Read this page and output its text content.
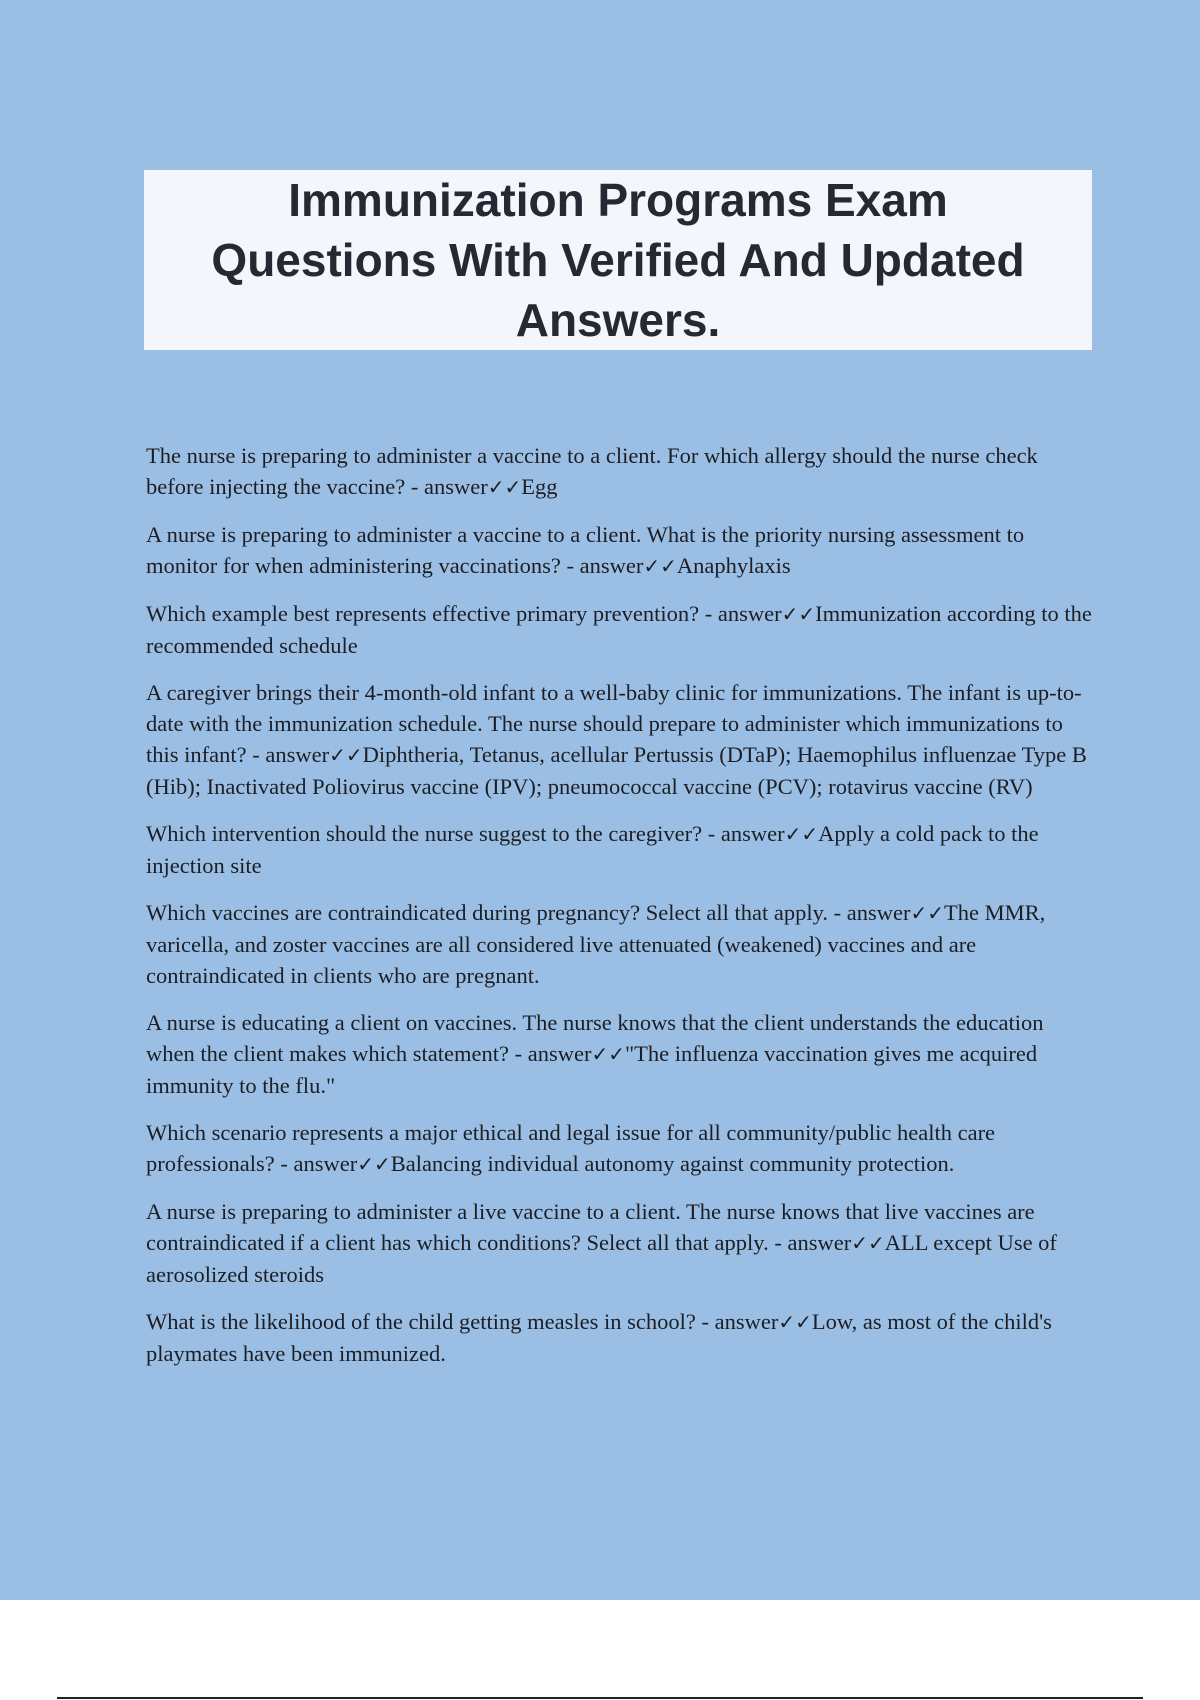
Immunization Programs Exam Questions With Verified And Updated Answers.

The nurse is preparing to administer a vaccine to a client. For which allergy should the nurse check before injecting the vaccine? - answer✓✓Egg

A nurse is preparing to administer a vaccine to a client. What is the priority nursing assessment to monitor for when administering vaccinations? - answer✓✓Anaphylaxis

Which example best represents effective primary prevention? - answer✓✓Immunization according to the recommended schedule

A caregiver brings their 4-month-old infant to a well-baby clinic for immunizations. The infant is up-to-date with the immunization schedule. The nurse should prepare to administer which immunizations to this infant? - answer✓✓Diphtheria, Tetanus, acellular Pertussis (DTaP); Haemophilus influenzae Type B (Hib); Inactivated Poliovirus vaccine (IPV); pneumococcal vaccine (PCV); rotavirus vaccine (RV)

Which intervention should the nurse suggest to the caregiver? - answer✓✓Apply a cold pack to the injection site

Which vaccines are contraindicated during pregnancy? Select all that apply. - answer✓✓The MMR, varicella, and zoster vaccines are all considered live attenuated (weakened) vaccines and are contraindicated in clients who are pregnant.

A nurse is educating a client on vaccines. The nurse knows that the client understands the education when the client makes which statement? - answer✓✓"The influenza vaccination gives me acquired immunity to the flu."

Which scenario represents a major ethical and legal issue for all community/public health care professionals? - answer✓✓Balancing individual autonomy against community protection.

A nurse is preparing to administer a live vaccine to a client. The nurse knows that live vaccines are contraindicated if a client has which conditions? Select all that apply. - answer✓✓ALL except Use of aerosolized steroids

What is the likelihood of the child getting measles in school? - answer✓✓Low, as most of the child's playmates have been immunized.
